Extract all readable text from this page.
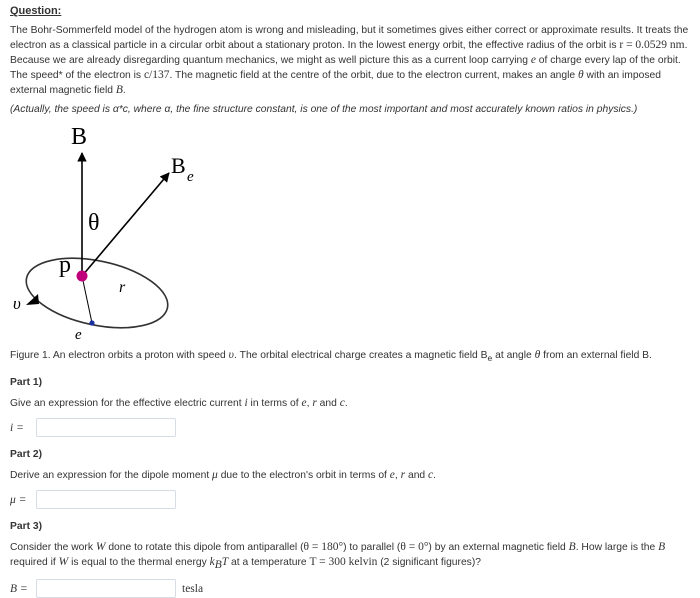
Question:

The Bohr-Sommerfeld model of the hydrogen atom is wrong and misleading, but it sometimes gives either correct or approximate results. It treats the electron as a classical particle in a circular orbit about a stationary proton. In the lowest energy orbit, the effective radius of the orbit is r = 0.0529 nm. Because we are already disregarding quantum mechanics, we might as well picture this as a current loop carrying e of charge every lap of the orbit. The speed* of the electron is c/137. The magnetic field at the centre of the orbit, due to the electron current, makes an angle θ with an imposed external magnetic field B.

(Actually, the speed is α*c, where α, the fine structure constant, is one of the most important and most accurately known ratios in physics.)

B
B e
θ
p
r
υ
e

Figure 1. An electron orbits a proton with speed υ. The orbital electrical charge creates a magnetic field $B_e$ at angle θ from an external field B.

Part 1)

Give an expression for the effective electric current i in terms of e, r and c.

i =

Part 2)

Derive an expression for the dipole moment μ due to the electron's orbit in terms of e, r and c.

μ =

Part 3)

Consider the work W done to rotate this dipole from antiparallel (θ = 180°) to parallel (θ = 0°) by an external magnetic field B. How large is the B required if W is equal to the thermal energy $k_BT$ at a temperature T = 300 kelvin (2 significant figures)?

B =	tesla
